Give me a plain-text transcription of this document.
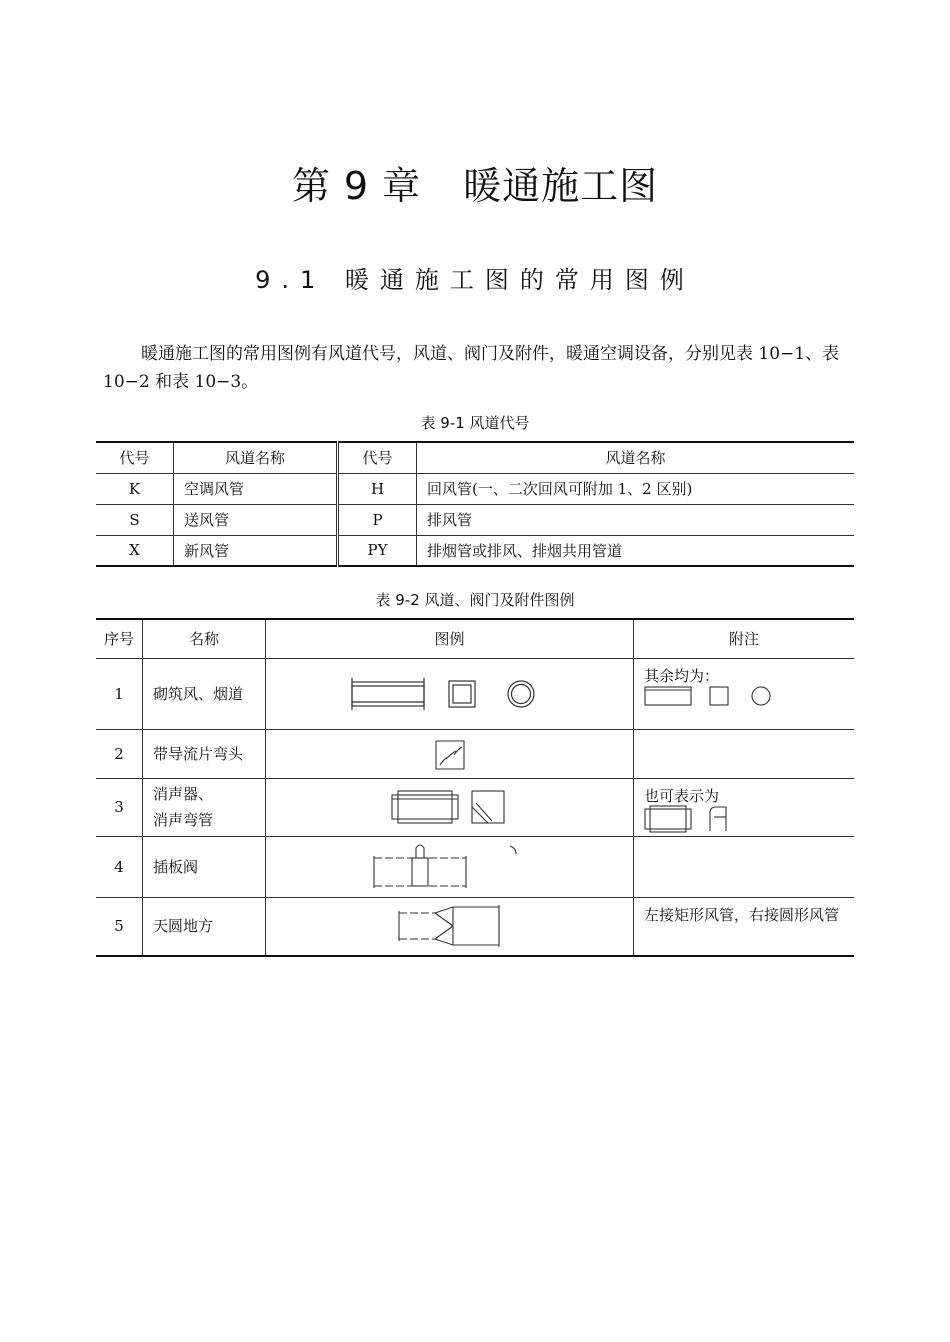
第 9 章 暖通施工图
9.1 暖通施工图的常用图例
暖通施工图的常用图例有风道代号，风道、阀门及附件，暖通空调设备，分别见表 10−1、表 10−2 和表 10−3。
表 9-1 风道代号
代号	风道名称	代号	风道名称
K	空调风管	H	回风管(一、二次回风可附加 1、2 区别)
S	送风管	P	排风管
X	新风管	PY	排烟管或排风、排烟共用管道
表 9-2 风道、阀门及附件图例
序号	名称	图例	附注
1	砌筑风、烟道		其余均为：

2	带导流片弯头	

3	消声器、
消声弯管		也可表示为

4	插板阀	

5	天圆地方		左接矩形风管，右接圆形风管
